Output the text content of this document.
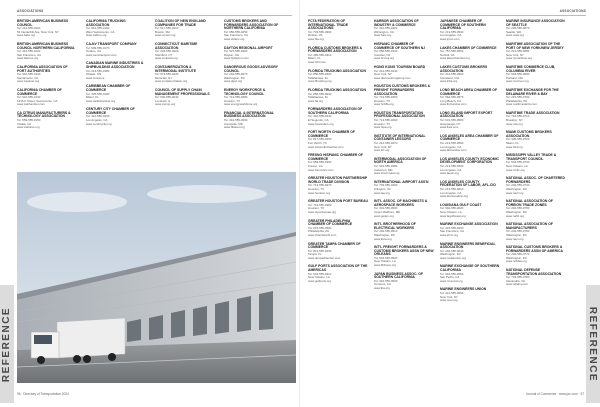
ASSOCIATIONS
BRITISH-AMERICAN BUSINESS COUNCIL
Tel: 212-555-0100
52 Vanderbilt Ave, New York, NY
www.babc.org
BRITISH-AMERICAN BUSINESS COUNCIL NORTHERN CALIFORNIA
Tel: 415-555-0120
San Francisco, CA
www.babcnc.org
CALIFORNIA ASSOCIATION OF PORT AUTHORITIES
Tel: 916-555-0130
Sacramento, CA
www.capanet.org
CALIFORNIA CHAMBER OF COMMERCE
Tel: 916-555-0140
1215 K Street, Sacramento, CA
www.calchamber.com
CA CITRUS MANUFACTURERS & TECHNOLOGY ASSOCIATION
Tel: 559-555-0150
Visalia, CA
www.calcitrus.org
CALIFORNIA TRUCKING ASSOCIATION
Tel: 916-555-0160
West Sacramento, CA
www.caltrux.org
CA-NV TRANSPORT COMPANY
Tel: 909-555-0170
Ontario, CA
www.canvtransport.com
CANADIAN MARINE INDUSTRIES & SHIPBUILDING ASSOCIATION
Tel: 613-555-0180
Ottawa, ON
www.cmisa.ca
CARIBBEAN CHAMBER OF COMMERCE
Tel: 305-555-0190
Miami, FL
www.caribchamber.org
CENTURY CITY CHAMBER OF COMMERCE
Tel: 310-555-0200
Los Angeles, CA
www.centurycity.org
COALITION OF NEW ENGLAND COMPANIES FOR TRADE
Tel: 617-555-0210
Boston, MA
www.conect.org
CONNECTICUT MARITIME ASSOCIATION
Tel: 203-555-0220
Stamford, CT
www.cmaweb.org
CONTAINERIZATION & INTERMODAL INSTITUTE
Tel: 973-555-0230
Montclair, NJ
www.containerization.org
COUNCIL OF SUPPLY CHAIN MANAGEMENT PROFESSIONALS
Tel: 630-555-0240
Lombard, IL
www.cscmp.org
CUSTOMS BROKERS AND FORWARDERS ASSOCIATION OF NORTHERN CALIFORNIA
Tel: 650-555-0250
San Francisco, CA
www.cbfanc.org
DAYTON REGIONAL AIRPORT
Tel: 937-555-0260
Dayton, OH
www.flydayton.com
DANGEROUS GOODS ADVISORY COUNCIL
Tel: 202-555-0270
Washington, DC
www.dgac.org
ENERGY WORKFORCE & TECHNOLOGY COUNCIL
Tel: 713-555-0280
Houston, TX
www.energyworkforce.org
FINANCIAL & INTERNATIONAL BUSINESS ASSOCIATION
Tel: 410-555-0290
Annapolis, MD
www.fibanet.org
REFERENCE
96 · Directory of Transportation 2024
ASSOCIATIONS
FCTA FEDERATION OF INTERNATIONAL TRADE ASSOCIATIONS
Tel: 703-555-0300
Reston, VA
www.fita.org
FLORIDA CUSTOMS BROKERS & FORWARDERS ASSOCIATION
Tel: 305-555-0310
Miami, FL
www.fcbf.com
FLORIDA TRUCKING ASSOCIATION
Tel: 850-555-0320
Tallahassee, FL
www.fltrucking.org
FLORIDA TRUCKING ASSOCIATION
Tel: 850-555-0330
Tallahassee, FL
www.fta.org
FORWARDERS ASSOCIATION OF SOUTHERN CALIFORNIA
Tel: 310-555-0340
El Segundo, CA
www.forwarders.org
FORT WORTH CHAMBER OF COMMERCE
Tel: 817-555-0350
Fort Worth, TX
www.fortworthchamber.com
FRESNO HISPANIC CHAMBER OF COMMERCE
Tel: 559-555-0360
Fresno, CA
www.fresnohcc.com
GREATER HOUSTON PARTNERSHIP WORLD TRADE DIVISION
Tel: 713-555-0370
Houston, TX
www.houston.org
GREATER HOUSTON PORT BUREAU
Tel: 713-555-0380
Houston, TX
www.txportbureau.org
GREATER PHILADELPHIA CHAMBER OF COMMERCE
Tel: 215-555-0390
Philadelphia, PA
www.chamberphl.com
GREATER TAMPA CHAMBER OF COMMERCE
Tel: 813-555-0400
Tampa, FL
www.tampachamber.com
GULF PORTS ASSOCIATION OF THE AMERICAS
Tel: 504-555-0410
New Orleans, LA
www.gulfports.org
HARBOR ASSOCIATION OF INDUSTRY & COMMERCE
Tel: 310-555-0420
Wilmington, CA
www.haic.org
HISPANIC CHAMBER OF COMMERCE OF SOUTHERN NJ
Tel: 856-555-0430
Camden, NJ
www.hccsnj.org
HONG KONG TOURISM BOARD
Tel: 212-555-0440
New York, NY
www.discoverhongkong.com
HOUSTON CUSTOMS BROKERS & FREIGHT FORWARDERS ASSOCIATION
Tel: 713-555-0450
Houston, TX
www.hcbffa.org
HOUSTON TRANSPORTATION PROFESSIONAL ASSOCIATION
Tel: 713-555-0460
Houston, TX
www.htpa.org
INSTITUTE OF INTERNATIONAL CONTAINER LESSORS
Tel: 212-555-0470
New York, NY
www.iicl.org
INTERMODAL ASSOCIATION OF NORTH AMERICA
Tel: 301-555-0480
Calverton, MD
www.intermodal.org
INTERNATIONAL AIRPORT ASS'N
Tel: 703-555-0490
Arlington, VA
www.iaa.org
INT'L ASSOC. OF MACHINISTS & AEROSPACE WORKERS
Tel: 301-555-0500
Upper Marlboro, MD
www.goiam.org
INT'L BROTHERHOOD OF ELECTRICAL WORKERS
Tel: 202-555-0510
Washington, DC
www.ibew.org
INT'L FREIGHT FORWARDERS & CUSTOMS BROKERS ASSN OF NEW ORLEANS
Tel: 504-555-0520
New Orleans, LA
www.iffcbano.org
JAPAN BUSINESS ASSOC. OF SOUTHERN CALIFORNIA
Tel: 310-555-0530
Torrance, CA
www.jba.org
JAPANESE CHAMBER OF COMMERCE OF SOUTHERN CALIFORNIA
Tel: 213-555-0540
Los Angeles, CA
www.jccsc.com
LAKES CHAMBER OF COMMERCE
Tel: 757-555-0550
Norfolk, VA
www.lakeschamber.org
LAKES CUSTOMS BROKERS ASSOCIATION
Tel: 216-555-0560
Cleveland, OH
www.lcba.org
LONG BEACH AREA CHAMBER OF COMMERCE
Tel: 562-555-0570
Long Beach, CA
www.lbchamber.com
LONG ISLAND IMPORT EXPORT ASSOCIATION
Tel: 631-555-0580
Hauppauge, NY
www.liiea.com
LOS ANGELES AREA CHAMBER OF COMMERCE
Tel: 213-555-0590
Los Angeles, CA
www.lachamber.com
LOS ANGELES COUNTY ECONOMIC DEVELOPMENT CORPORATION
Tel: 213-555-0600
Los Angeles, CA
www.laedc.org
LOS ANGELES COUNTY FEDERATION OF LABOR, AFL-CIO
Tel: 213-555-0610
Los Angeles, CA
www.launionaflcio.org
LOUISIANA GULF COAST
Tel: 504-555-0620
New Orleans, LA
www.lagulfcoast.org
MARINE EXCHANGE ASSOCIATION
Tel: 415-555-0630
San Francisco, CA
www.sfmx.org
MARINE ENGINEERS BENEFICIAL ASSOCIATION
Tel: 202-555-0640
Washington, DC
www.mebaunion.org
MARINE EXCHANGE OF SOUTHERN CALIFORNIA
Tel: 310-555-0650
San Pedro, CA
www.mxsocal.org
MARINE ENGINEERS UNION
Tel: 212-555-0660
New York, NY
www.meu.org
MARINE INSURANCE ASSOCIATION OF SEATTLE
Tel: 206-555-0670
Seattle, WA
www.mias.org
MARITIME ASSOCIATION OF THE PORT OF NEW YORK/NEW JERSEY
Tel: 212-555-0680
New York, NY
www.nymaritime.org
MARITIME COMMERCE CLUB, COLUMBIA RIVER
Tel: 503-555-0690
Portland, OR
www.mccriver.org
MARITIME EXCHANGE FOR THE DELAWARE RIVER & BAY
Tel: 215-555-0700
Philadelphia, PA
www.maritimedelriv.com
MARITIME TRADE ASSOCIATION
Tel: 718-555-0710
Brooklyn, NY
www.mta.org
MIAMI CUSTOMS BROKERS ASSOCIATION
Tel: 305-555-0720
Miami, FL
www.fcbf.org
MISSISSIPPI VALLEY TRADE & TRANSPORT COUNCIL
Tel: 504-555-0730
New Orleans, LA
www.mvttc.org
NATIONAL ASSOC. OF CHARTERED FORWARDERS
Tel: 202-555-0740
Washington, DC
www.nacf.org
NATIONAL ASSOCIATION OF FOREIGN TRADE ZONES
Tel: 202-555-0750
Washington, DC
www.naftz.org
NATIONAL ASSOCIATION OF MANUFACTURERS
Tel: 202-555-0760
Washington, DC
www.nam.org
NATIONAL CUSTOMS BROKERS & FORWARDERS ASSN OF AMERICA
Tel: 202-555-0770
Washington, DC
www.ncbfaa.org
NATIONAL DEFENSE TRANSPORTATION ASSOCIATION
Tel: 703-555-0780
Alexandria, VA
www.ndtahq.com
REFERENCE
Journal of Commerce · www.joc.com · 97
